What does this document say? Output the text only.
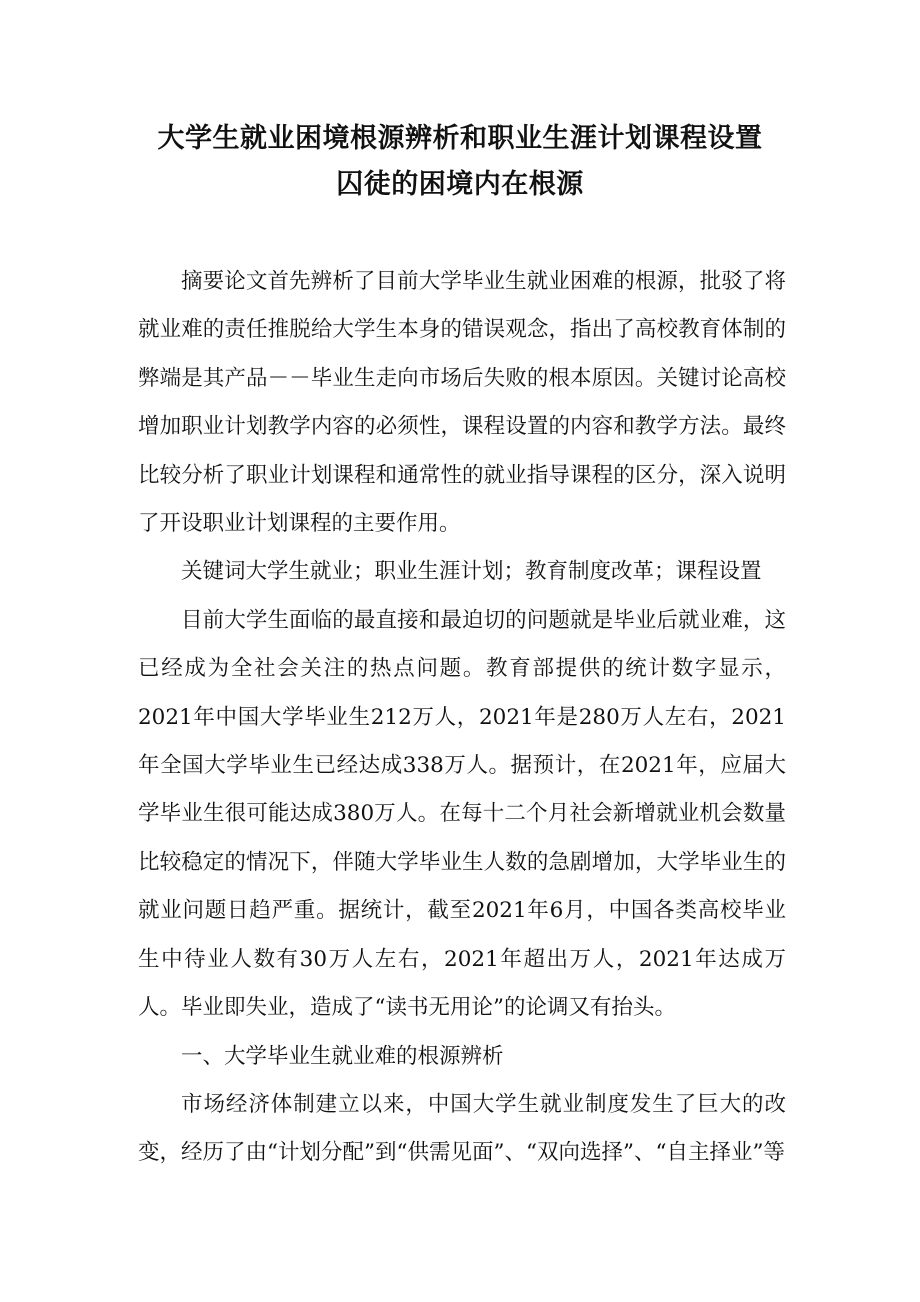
大学生就业困境根源辨析和职业生涯计划课程设置
囚徒的困境内在根源

摘要论文首先辨析了目前大学毕业生就业困难的根源，批驳了将就业难的责任推脱给大学生本身的错误观念，指出了高校教育体制的弊端是其产品－－毕业生走向市场后失败的根本原因。关键讨论高校增加职业计划教学内容的必须性，课程设置的内容和教学方法。最终比较分析了职业计划课程和通常性的就业指导课程的区分，深入说明了开设职业计划课程的主要作用。

关键词大学生就业；职业生涯计划；教育制度改革；课程设置

目前大学生面临的最直接和最迫切的问题就是毕业后就业难，这已经成为全社会关注的热点问题。教育部提供的统计数字显示，2021年中国大学毕业生212万人，2021年是280万人左右，2021年全国大学毕业生已经达成338万人。据预计，在2021年，应届大学毕业生很可能达成380万人。在每十二个月社会新增就业机会数量比较稳定的情况下，伴随大学毕业生人数的急剧增加，大学毕业生的就业问题日趋严重。据统计，截至2021年6月，中国各类高校毕业生中待业人数有30万人左右，2021年超出万人，2021年达成万人。毕业即失业，造成了“读书无用论”的论调又有抬头。

一、大学毕业生就业难的根源辨析

市场经济体制建立以来，中国大学生就业制度发生了巨大的改变，经历了由“计划分配”到“供需见面”、“双向选择”、“自主择业”等
